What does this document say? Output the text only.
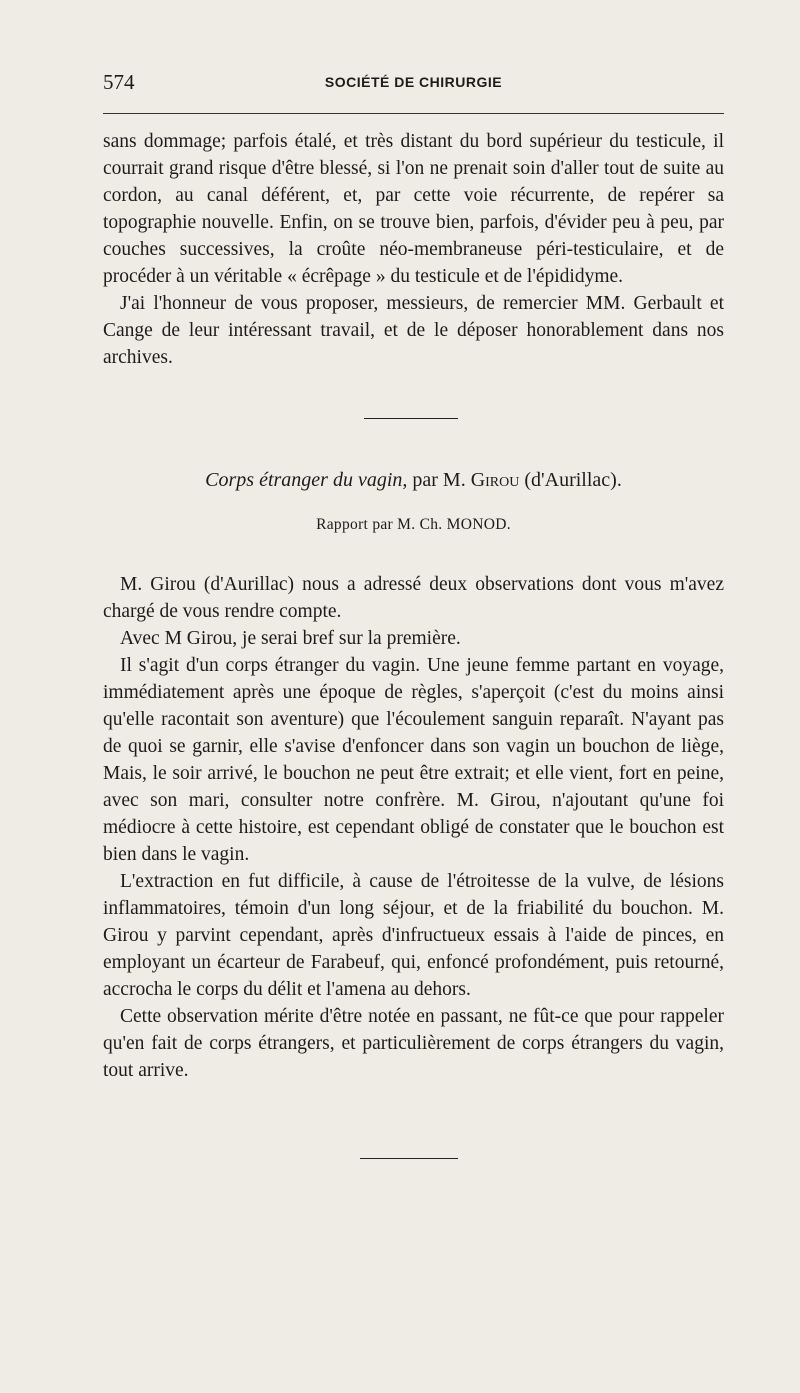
574	SOCIÉTÉ DE CHIRURGIE

sans dommage; parfois étalé, et très distant du bord supérieur du testicule, il courrait grand risque d'être blessé, si l'on ne prenait soin d'aller tout de suite au cordon, au canal déférent, et, par cette voie récurrente, de repérer sa topographie nouvelle. Enfin, on se trouve bien, parfois, d'évider peu à peu, par couches successives, la croûte néo-membraneuse péri-testiculaire, et de procéder à un véritable « écrêpage » du testicule et de l'épididyme.

J'ai l'honneur de vous proposer, messieurs, de remercier MM. Gerbault et Cange de leur intéressant travail, et de le déposer honorablement dans nos archives.

Corps étranger du vagin, par M. Girou (d'Aurillac).
Rapport par M. Ch. MONOD.

M. Girou (d'Aurillac) nous a adressé deux observations dont vous m'avez chargé de vous rendre compte.

Avec M Girou, je serai bref sur la première.

Il s'agit d'un corps étranger du vagin. Une jeune femme partant en voyage, immédiatement après une époque de règles, s'aperçoit (c'est du moins ainsi qu'elle racontait son aventure) que l'écoulement sanguin reparaît. N'ayant pas de quoi se garnir, elle s'avise d'enfoncer dans son vagin un bouchon de liège, Mais, le soir arrivé, le bouchon ne peut être extrait; et elle vient, fort en peine, avec son mari, consulter notre confrère. M. Girou, n'ajoutant qu'une foi médiocre à cette histoire, est cependant obligé de constater que le bouchon est bien dans le vagin.

L'extraction en fut difficile, à cause de l'étroitesse de la vulve, de lésions inflammatoires, témoin d'un long séjour, et de la friabilité du bouchon. M. Girou y parvint cependant, après d'infructueux essais à l'aide de pinces, en employant un écarteur de Farabeuf, qui, enfoncé profondément, puis retourné, accrocha le corps du délit et l'amena au dehors.

Cette observation mérite d'être notée en passant, ne fût-ce que pour rappeler qu'en fait de corps étrangers, et particulièrement de corps étrangers du vagin, tout arrive.
